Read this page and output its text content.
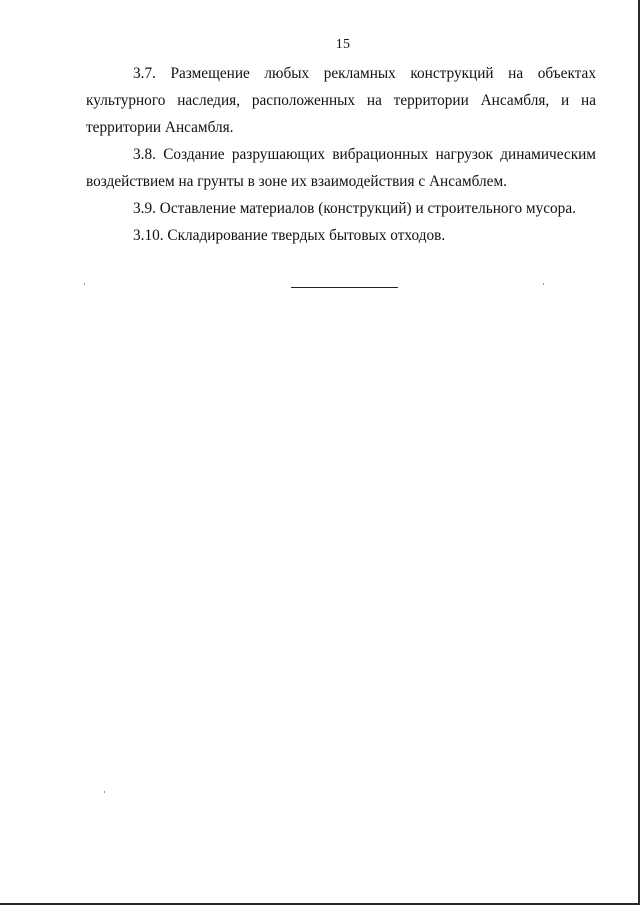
15

3.7. Размещение любых рекламных конструкций на объектах культурного наследия, расположенных на территории Ансамбля, и на территории Ансамбля.

3.8. Создание разрушающих вибрационных нагрузок динамическим воздействием на грунты в зоне их взаимодействия с Ансамблем.

3.9. Оставление материалов (конструкций) и строительного мусора.

3.10. Складирование твердых бытовых отходов.
